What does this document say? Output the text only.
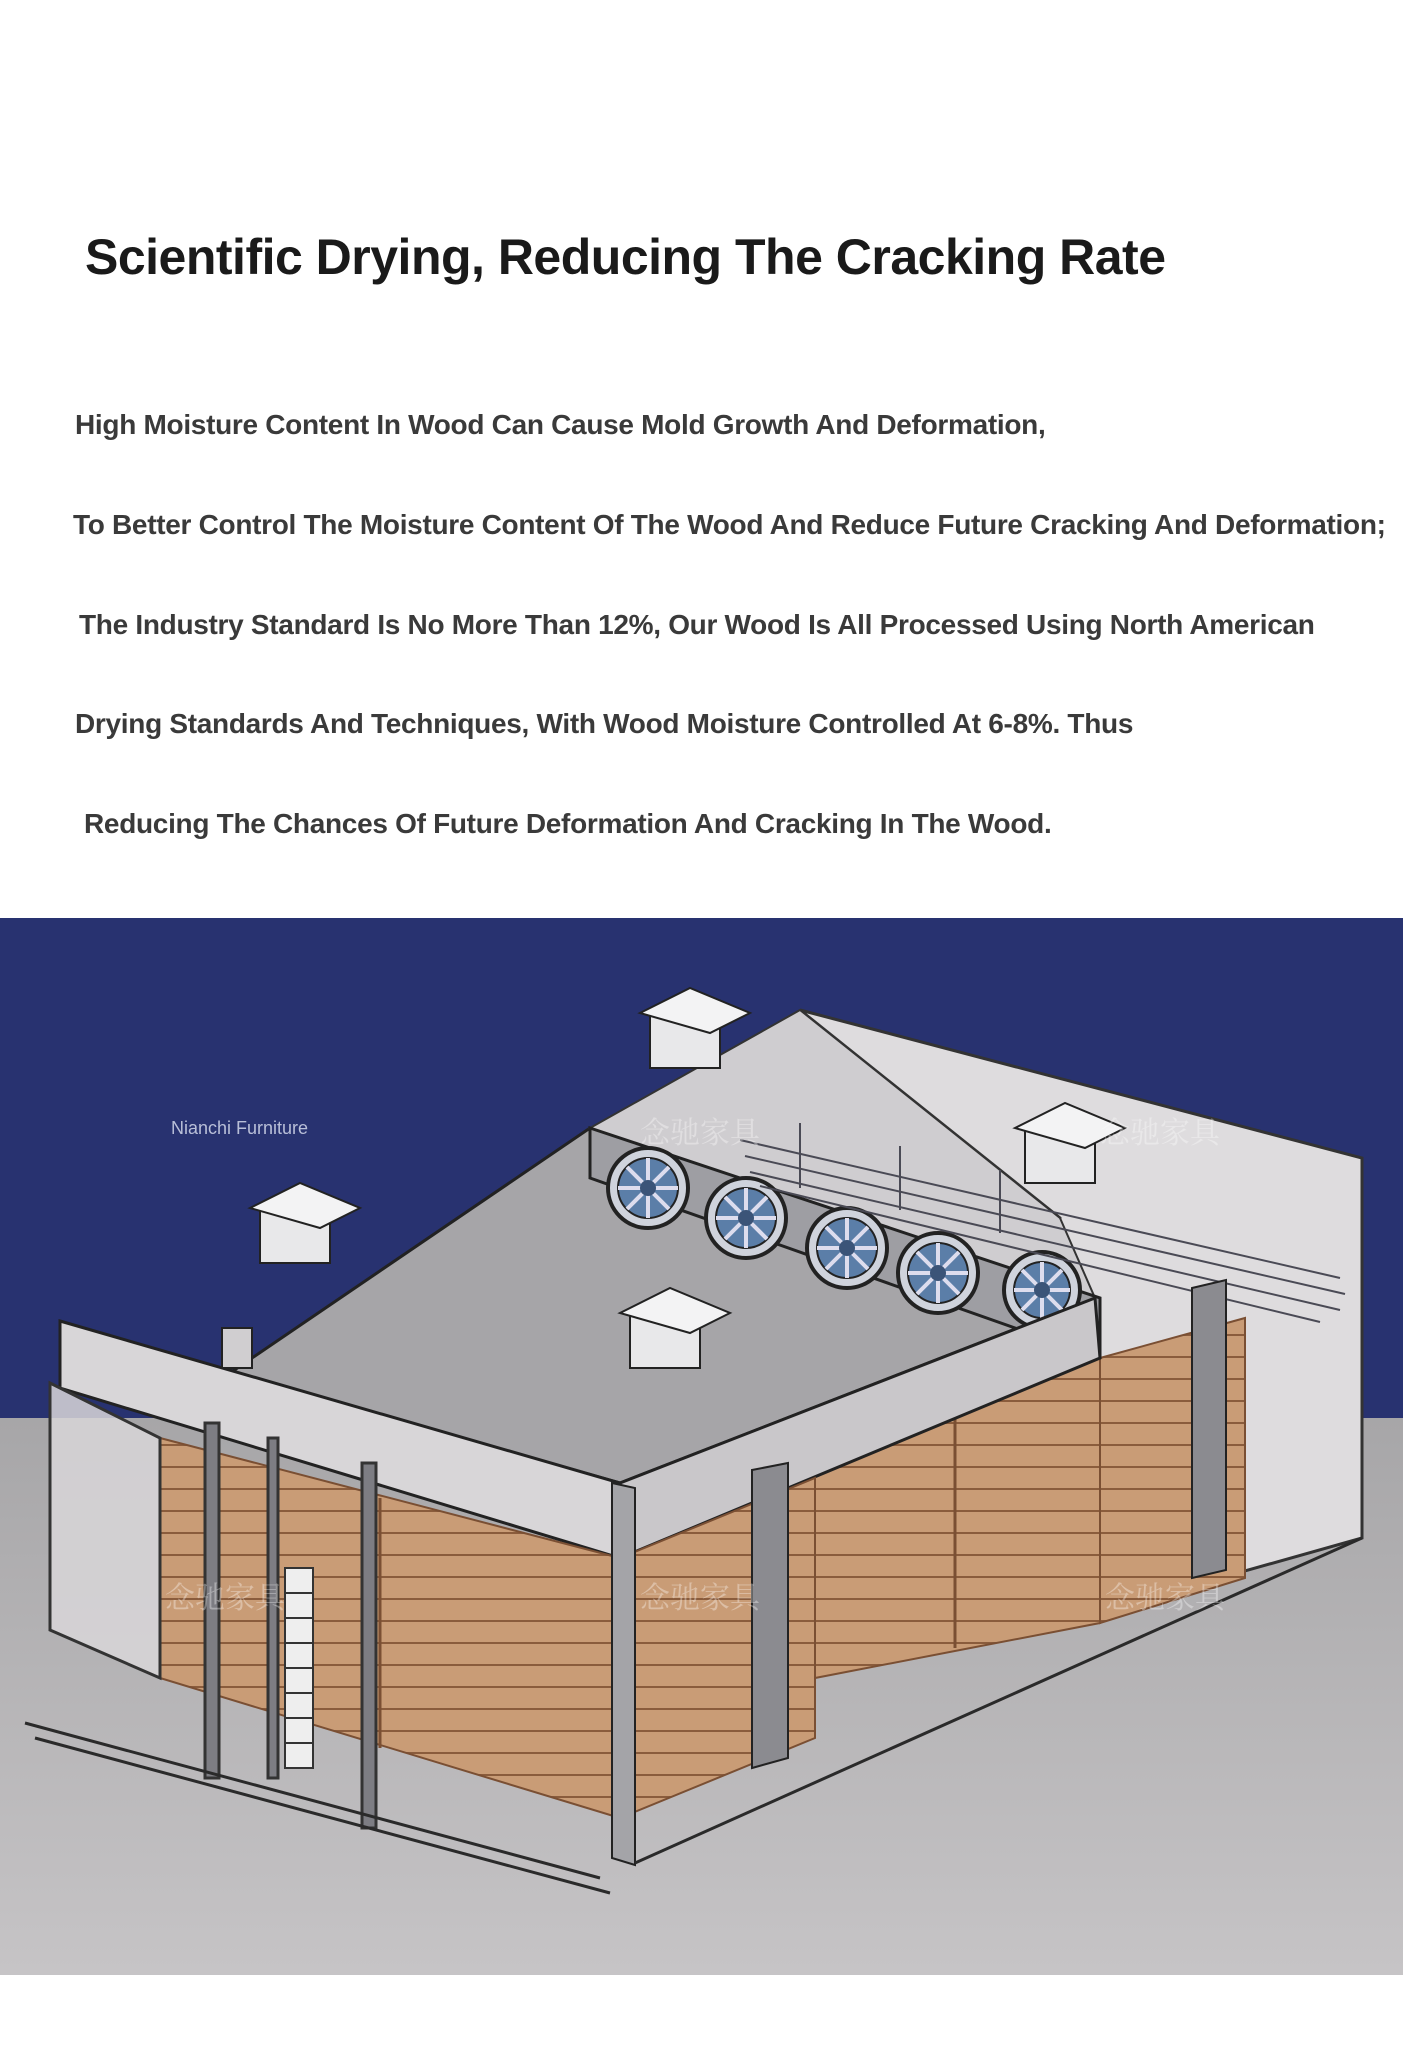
Scientific Drying, Reducing The Cracking Rate

High Moisture Content In Wood Can Cause Mold Growth And Deformation,

To Better Control The Moisture Content Of The Wood And Reduce Future Cracking And Deformation;

The Industry Standard Is No More Than 12%, Our Wood Is All Processed Using North American

Drying Standards And Techniques, With Wood Moisture Controlled At 6-8%. Thus

Reducing The Chances Of Future Deformation And Cracking In The Wood.

Nianchi Furniture	念驰家具	念驰家具
念驰家具	念驰家具	念驰家具
